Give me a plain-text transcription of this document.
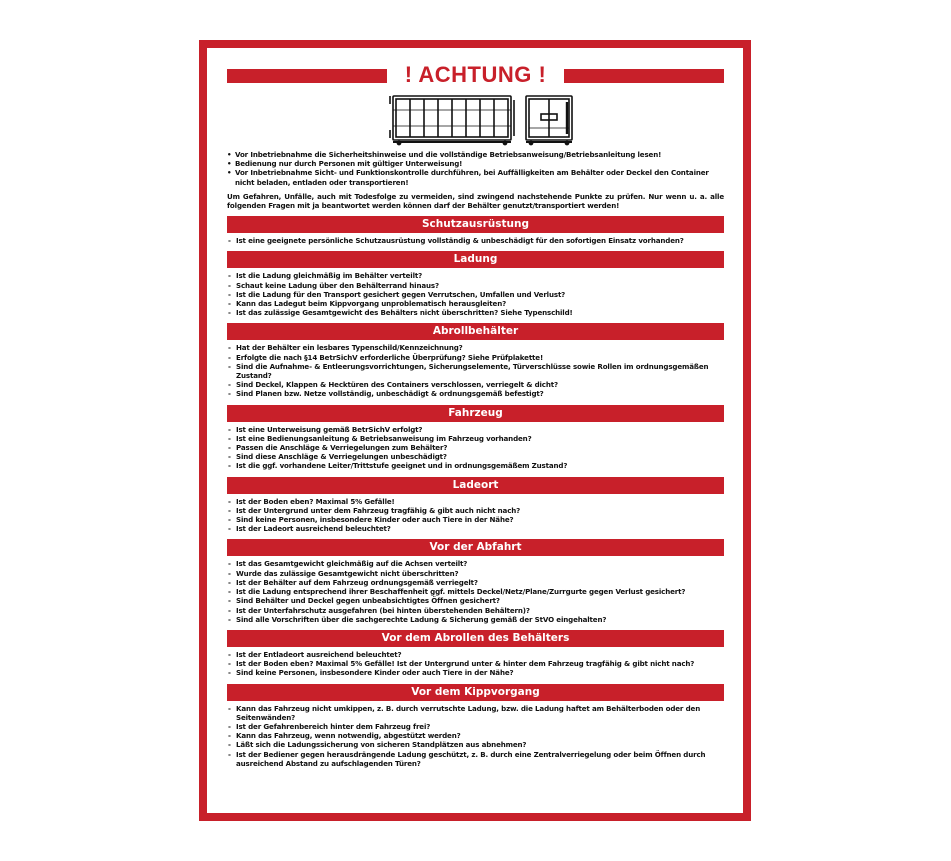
! ACHTUNG !
• Vor Inbetriebnahme die Sicherheitshinweise und die vollständige Betriebsanweisung/Betriebsanleitung lesen!
• Bedienung nur durch Personen mit gültiger Unterweisung!
• Vor Inbetriebnahme Sicht- und Funktionskontrolle durchführen, bei Auffälligkeiten am Behälter oder Deckel den Container nicht beladen, entladen oder transportieren!
Um Gefahren, Unfälle, auch mit Todesfolge zu vermeiden, sind zwingend nachstehende Punkte zu prüfen. Nur wenn u. a. alle folgenden Fragen mit ja beantwortet werden können darf der Behälter genutzt/transportiert werden!
Schutzausrüstung
- Ist eine geeignete persönliche Schutzausrüstung vollständig & unbeschädigt für den sofortigen Einsatz vorhanden?
Ladung
- Ist die Ladung gleichmäßig im Behälter verteilt?
- Schaut keine Ladung über den Behälterrand hinaus?
- Ist die Ladung für den Transport gesichert gegen Verrutschen, Umfallen und Verlust?
- Kann das Ladegut beim Kippvorgang unproblematisch herausgleiten?
- Ist das zulässige Gesamtgewicht des Behälters nicht überschritten? Siehe Typenschild!
Abrollbehälter
- Hat der Behälter ein lesbares Typenschild/Kennzeichnung?
- Erfolgte die nach §14 BetrSichV erforderliche Überprüfung? Siehe Prüfplakette!
- Sind die Aufnahme- & Entleerungsvorrichtungen, Sicherungselemente, Türverschlüsse sowie Rollen im ordnungsgemäßen Zustand?
- Sind Deckel, Klappen & Hecktüren des Containers verschlossen, verriegelt & dicht?
- Sind Planen bzw. Netze vollständig, unbeschädigt & ordnungsgemäß befestigt?
Fahrzeug
- Ist eine Unterweisung gemäß BetrSichV erfolgt?
- Ist eine Bedienungsanleitung & Betriebsanweisung im Fahrzeug vorhanden?
- Passen die Anschläge & Verriegelungen zum Behälter?
- Sind diese Anschläge & Verriegelungen unbeschädigt?
- Ist die ggf. vorhandene Leiter/Trittstufe geeignet und in ordnungsgemäßem Zustand?
Ladeort
- Ist der Boden eben? Maximal 5% Gefälle!
- Ist der Untergrund unter dem Fahrzeug tragfähig & gibt auch nicht nach?
- Sind keine Personen, insbesondere Kinder oder auch Tiere in der Nähe?
- Ist der Ladeort ausreichend beleuchtet?
Vor der Abfahrt
- Ist das Gesamtgewicht gleichmäßig auf die Achsen verteilt?
- Wurde das zulässige Gesamtgewicht nicht überschritten?
- Ist der Behälter auf dem Fahrzeug ordnungsgemäß verriegelt?
- Ist die Ladung entsprechend ihrer Beschaffenheit ggf. mittels Deckel/Netz/Plane/Zurrgurte gegen Verlust gesichert?
- Sind Behälter und Deckel gegen unbeabsichtigtes Öffnen gesichert?
- Ist der Unterfahrschutz ausgefahren (bei hinten überstehenden Behältern)?
- Sind alle Vorschriften über die sachgerechte Ladung & Sicherung gemäß der StVO eingehalten?
Vor dem Abrollen des Behälters
- Ist der Entladeort ausreichend beleuchtet?
- Ist der Boden eben? Maximal 5% Gefälle! Ist der Untergrund unter & hinter dem Fahrzeug tragfähig & gibt nicht nach?
- Sind keine Personen, insbesondere Kinder oder auch Tiere in der Nähe?
Vor dem Kippvorgang
- Kann das Fahrzeug nicht umkippen, z. B. durch verrutschte Ladung, bzw. die Ladung haftet am Behälterboden oder den Seitenwänden?
- Ist der Gefahrenbereich hinter dem Fahrzeug frei?
- Kann das Fahrzeug, wenn notwendig, abgestützt werden?
- Läßt sich die Ladungssicherung von sicheren Standplätzen aus abnehmen?
- Ist der Bediener gegen herausdrängende Ladung geschützt, z. B. durch eine Zentralverriegelung oder beim Öffnen durch ausreichend Abstand zu aufschlagenden Türen?
